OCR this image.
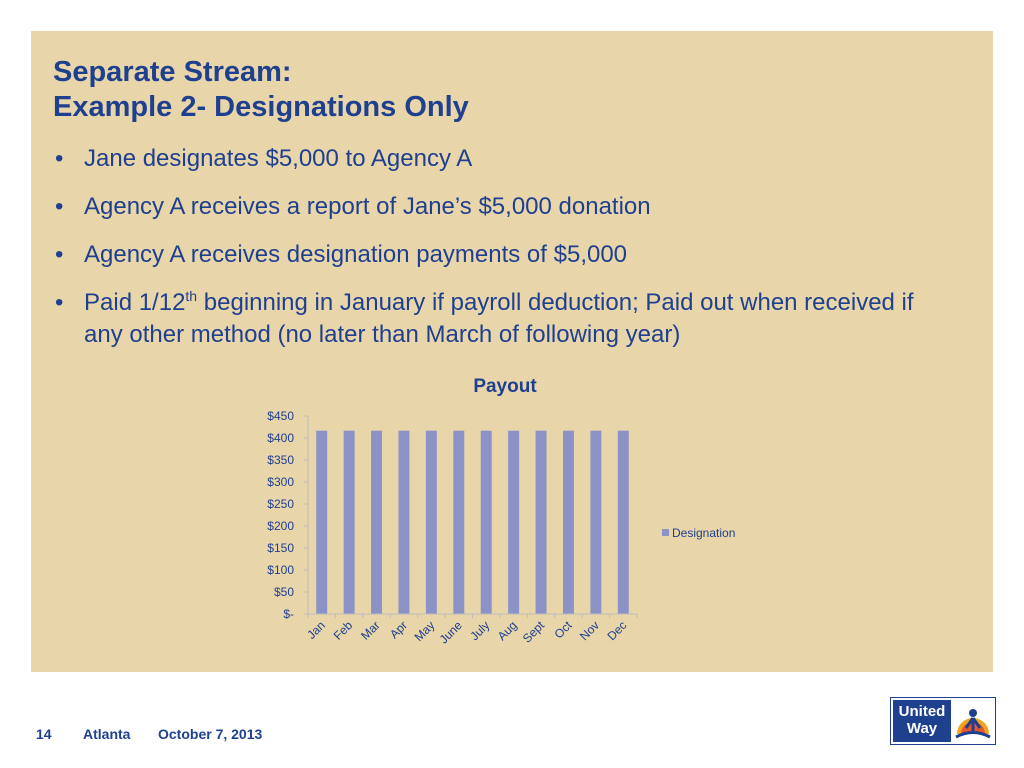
Separate Stream:
Example 2- Designations Only
• Jane designates $5,000 to Agency A
• Agency A receives a report of Jane’s $5,000 donation
• Agency A receives designation payments of $5,000
• Paid 1/12th beginning in January if payroll deduction; Paid out when received if any other method (no later than March of following year)
Payout
$-
$50
$100
$150
$200
$250
$300
$350
$400
$450
Jan Feb Mar Apr May June July Aug Sept Oct Nov Dec
Designation
14 Atlanta October 7, 2013
United
Way
